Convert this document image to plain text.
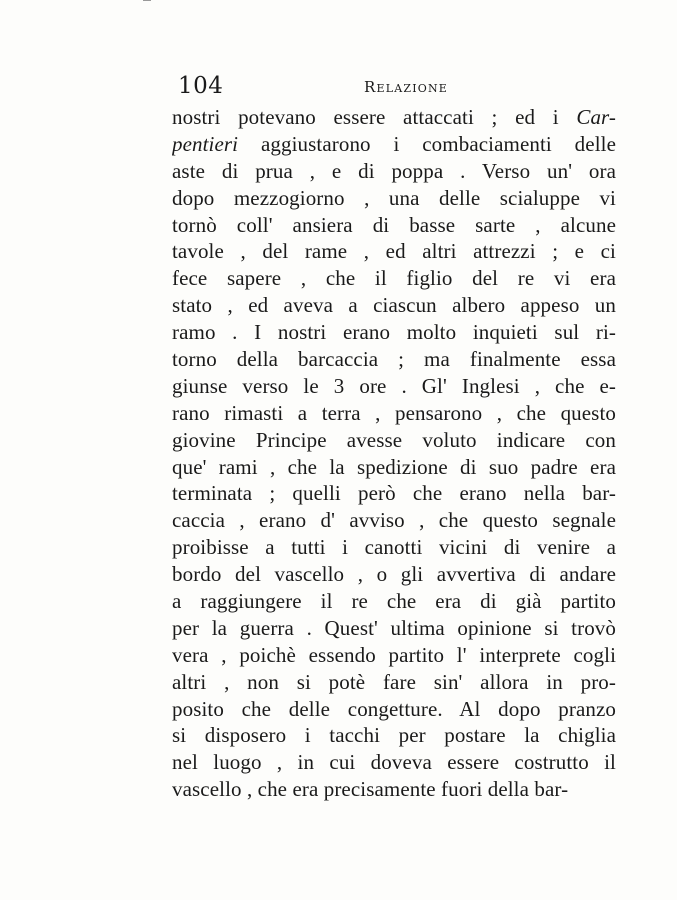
104	Relazione
nostri potevano essere attaccati ; ed i Car-
pentieri aggiustarono i combaciamenti delle
aste di prua , e di poppa . Verso un' ora
dopo mezzogiorno , una delle scialuppe vi
tornò coll' ansiera di basse sarte , alcune
tavole , del rame , ed altri attrezzi ; e ci
fece sapere , che il figlio del re vi era
stato , ed aveva a ciascun albero appeso un
ramo . I nostri erano molto inquieti sul ri-
torno della barcaccia ; ma finalmente essa
giunse verso le 3 ore . Gl' Inglesi , che e-
rano rimasti a terra , pensarono , che questo
giovine Principe avesse voluto indicare con
que' rami , che la spedizione di suo padre era
terminata ; quelli però che erano nella bar-
caccia , erano d' avviso , che questo segnale
proibisse a tutti i canotti vicini di venire a
bordo del vascello , o gli avvertiva di andare
a raggiungere il re che era di già partito
per la guerra . Quest' ultima opinione si trovò
vera , poichè essendo partito l' interprete cogli
altri , non si potè fare sin' allora in pro-
posito che delle congetture. Al dopo pranzo
si disposero i tacchi per postare la chiglia
nel luogo , in cui doveva essere costrutto il
vascello , che era precisamente fuori della bar-
